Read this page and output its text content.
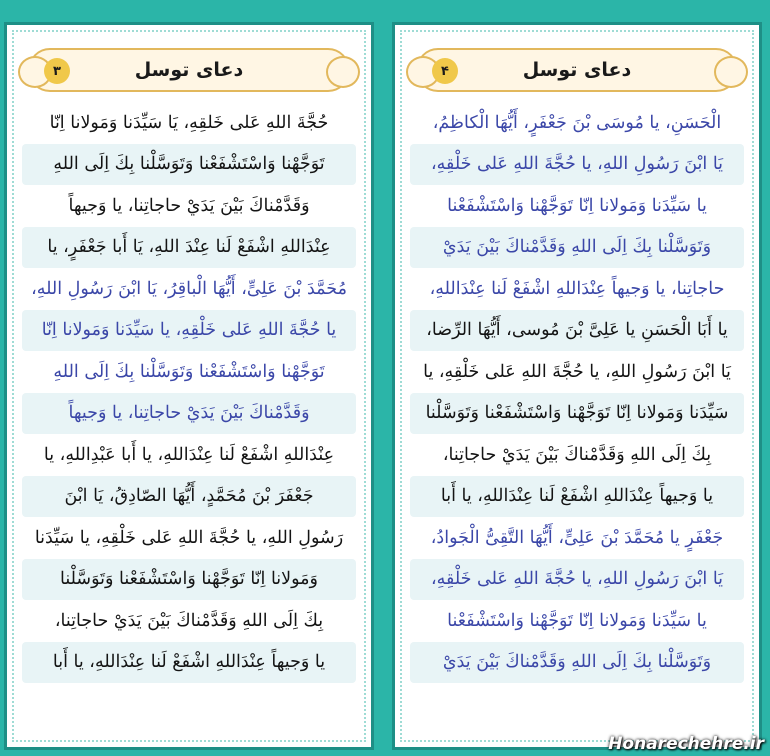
۳	دعای توسل
حُجَّةَ اللهِ عَلی خَلقِهِ، یَا سَیِّدَنا وَمَولانا اِنّا
تَوَجَّهْنا وَاسْتَشْفَعْنا وَتَوَسَّلْنا بِكَ اِلَی اللهِ
وَقَدَّمْناكَ بَيْنَ يَدَيْ حاجاتِنا، یا وَجیهاً
عِنْدَاللهِ اشْفَعْ لَنا عِنْدَ اللهِ، یَا أَبا جَعْفَرٍ، یا
مُحَمَّدَ بْنَ عَلِیٍّ، أَیُّهَا الْباقِرُ، یَا ابْنَ رَسُولِ اللهِ،
یا حُجَّةَ اللهِ عَلی خَلْقِهِ، یا سَیِّدَنا وَمَولانا اِنّا
تَوَجَّهْنا وَاسْتَشْفَعْنا وَتَوَسَّلْنا بِكَ اِلَی اللهِ
وَقَدَّمْناكَ بَيْنَ يَدَيْ حاجاتِنا، یا وَجیهاً
عِنْدَاللهِ اشْفَعْ لَنا عِنْدَاللهِ، یا أَبا عَبْدِاللهِ، یا
جَعْفَرَ بْنَ مُحَمَّدٍ، أَیُّهَا الصّادِقُ، یَا ابْنَ
رَسُولِ اللهِ، یا حُجَّةَ اللهِ عَلی خَلْقِهِ، یا سَیِّدَنا
وَمَولانا اِنّا تَوَجَّهْنا وَاسْتَشْفَعْنا وَتَوَسَّلْنا
بِكَ اِلَی اللهِ وَقَدَّمْناكَ بَيْنَ يَدَيْ حاجاتِنا،
یا وَجیهاً عِنْدَاللهِ اشْفَعْ لَنا عِنْدَاللهِ، یا أَبا
۴	دعای توسل
الْحَسَنِ، یا مُوسَی بْنَ جَعْفَرٍ، أَیُّهَا الْکاظِمُ،
یَا ابْنَ رَسُولِ اللهِ، یا حُجَّةَ اللهِ عَلی خَلْقِهِ،
یا سَیِّدَنا وَمَولانا اِنّا تَوَجَّهْنا وَاسْتَشْفَعْنا
وَتَوَسَّلْنا بِكَ اِلَی اللهِ وَقَدَّمْناكَ بَيْنَ يَدَيْ
حاجاتِنا، یا وَجیهاً عِنْدَاللهِ اشْفَعْ لَنا عِنْدَاللهِ،
یا أَبَا الْحَسَنِ یا عَلِیَّ بْنَ مُوسی، أَیُّهَا الرِّضا،
یَا ابْنَ رَسُولِ اللهِ، یا حُجَّةَ اللهِ عَلی خَلْقِهِ، یا
سَیِّدَنا وَمَولانا اِنّا تَوَجَّهْنا وَاسْتَشْفَعْنا وَتَوَسَّلْنا
بِكَ اِلَی اللهِ وَقَدَّمْناكَ بَيْنَ يَدَيْ حاجاتِنا،
یا وَجیهاً عِنْدَاللهِ اشْفَعْ لَنا عِنْدَاللهِ، یا أَبا
جَعْفَرٍ یا مُحَمَّدَ بْنَ عَلِیٍّ، أَیُّهَا التَّقِیُّ الْجَوادُ،
یَا ابْنَ رَسُولِ اللهِ، یا حُجَّةَ اللهِ عَلی خَلْقِهِ،
یا سَیِّدَنا وَمَولانا اِنّا تَوَجَّهْنا وَاسْتَشْفَعْنا
وَتَوَسَّلْنا بِكَ اِلَی اللهِ وَقَدَّمْناكَ بَيْنَ يَدَيْ
Honarechehre.ir
